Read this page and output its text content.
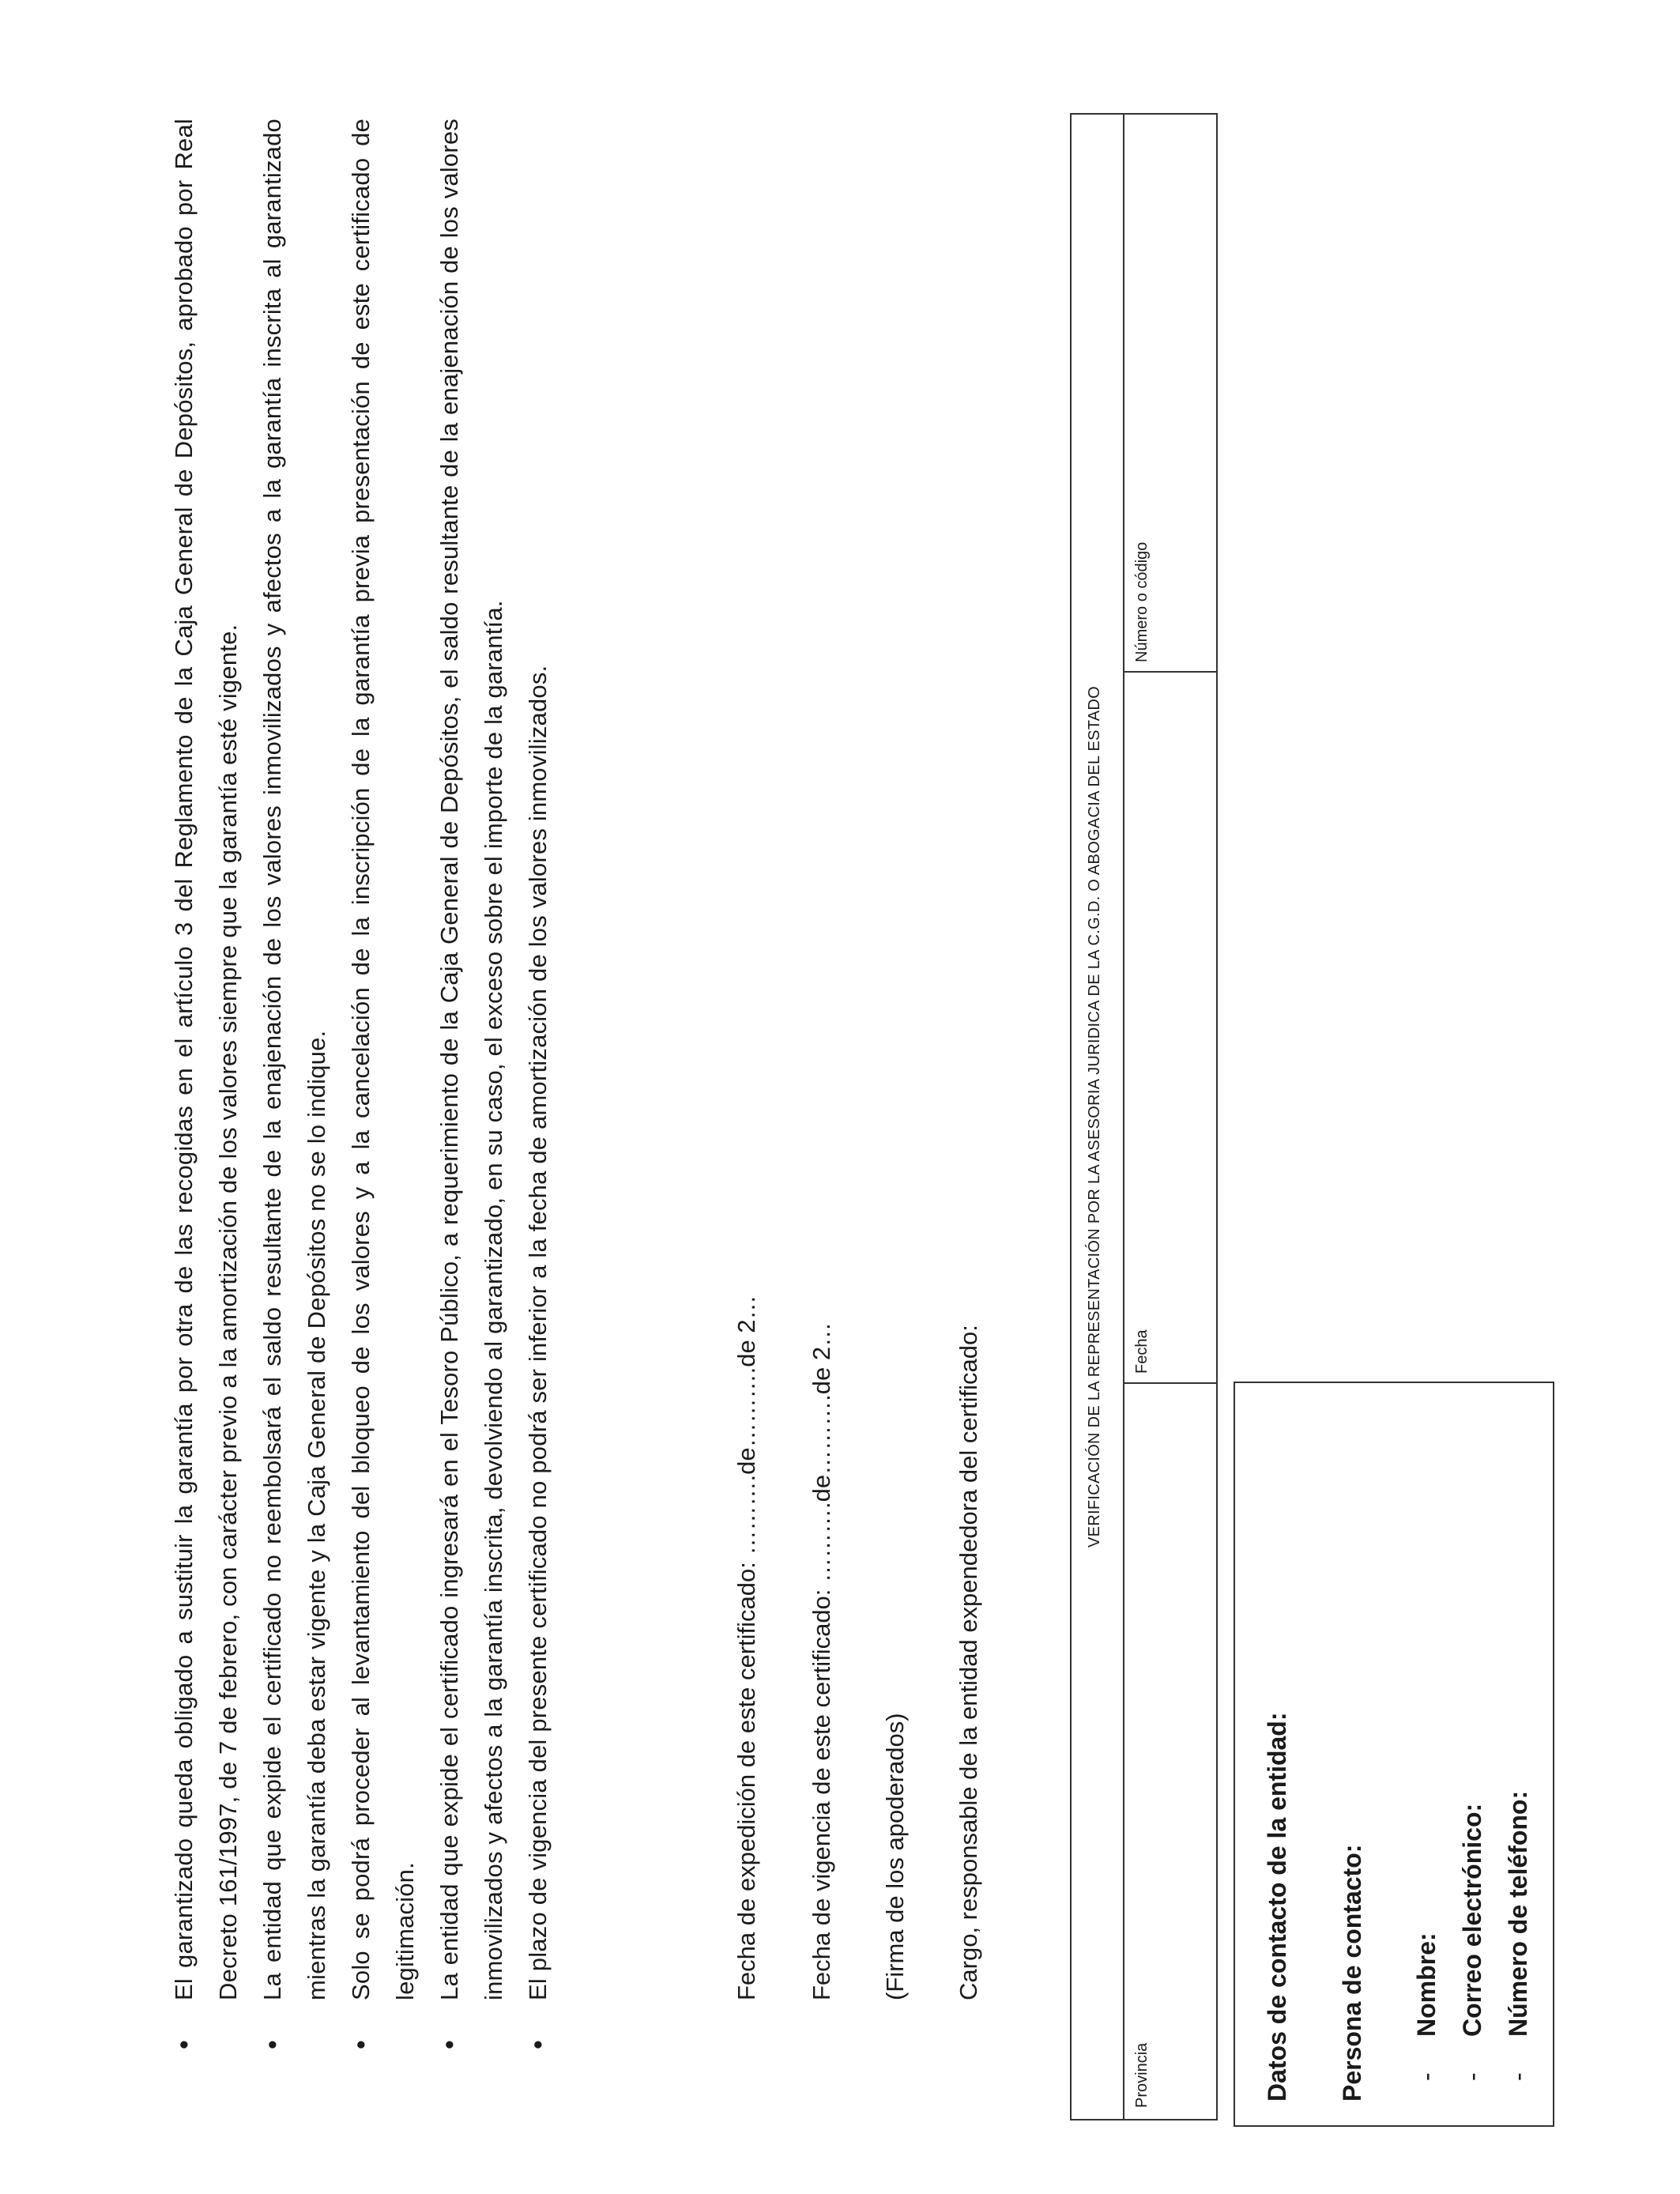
•
El garantizado queda obligado a sustituir la garantía por otra de las recogidas en el artículo 3 del Reglamento de la Caja General de Depósitos, aprobado por Real Decreto 161/1997, de 7 de febrero, con carácter previo a la amortización de los valores siempre que la garantía esté vigente.
•
La entidad que expide el certificado no reembolsará el saldo resultante de la enajenación de los valores inmovilizados y afectos a la garantía inscrita al garantizado mientras la garantía deba estar vigente y la Caja General de Depósitos no se lo indique.
•
Solo se podrá proceder al levantamiento del bloqueo de los valores y a la cancelación de la inscripción de la garantía previa presentación de este certificado de legitimación.
•
La entidad que expide el certificado ingresará en el Tesoro Público, a requerimiento de la Caja General de Depósitos, el saldo resultante de la enajenación de los valores inmovilizados y afectos a la garantía inscrita, devolviendo al garantizado, en su caso, el exceso sobre el importe de la garantía.
•
El plazo de vigencia del presente certificado no podrá ser inferior a la fecha de amortización de los valores inmovilizados.	Fecha de expedición de este certificado: ……….de……….de 2… Fecha de vigencia de este certificado: ……….de……….de 2… (Firma de los apoderados) Cargo, responsable de la entidad expendedora del certificado:
VERIFICACIÓN DE LA REPRESENTACIÓN POR LA ASESORIA JURIDICA DE LA C.G.D. O ABOGACIA DEL ESTADO
Provincia
Fecha
Número o código
Datos de contacto de la entidad: Persona de contacto: -Nombre:
-Correo electrónico:
-Número de teléfono:
